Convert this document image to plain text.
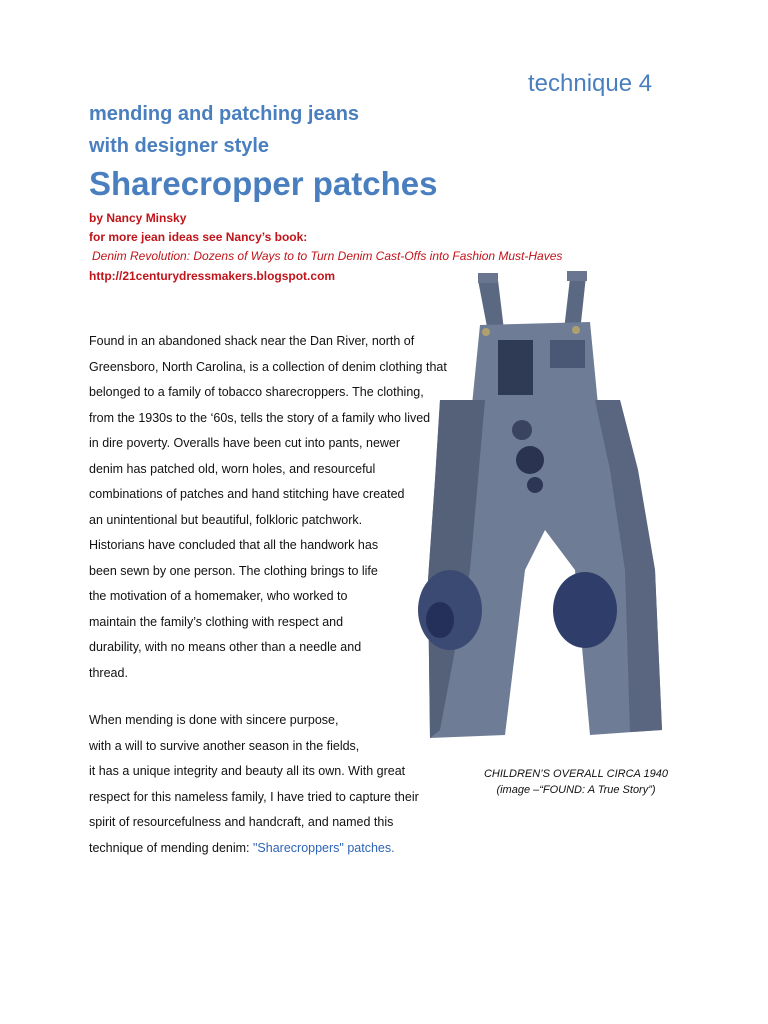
technique 4
mending and patching jeans
with designer style
Sharecropper patches
by Nancy Minsky
for more jean ideas see Nancy’s book:
Denim Revolution: Dozens of Ways to to Turn Denim Cast-Offs into Fashion Must-Haves
http://21centurydressmakers.blogspot.com

Found in an abandoned shack near the Dan River, north of

Greensboro, North Carolina, is a collection of denim clothing that

belonged to a family of tobacco sharecroppers. The clothing,

from the 1930s to the ‘60s, tells the story of a family who lived

in dire poverty. Overalls have been cut into pants, newer

denim has patched old, worn holes, and resourceful

combinations of patches and hand stitching have created

an unintentional but beautiful, folkloric patchwork.

Historians have concluded that all the handwork has

been sewn by one person. The clothing brings to life

the motivation of a homemaker, who worked to

maintain the family’s clothing with respect and

durability, with no means other than a needle and

thread.

When mending is done with sincere purpose,

with a will to survive another season in the fields,

it has a unique integrity and beauty all its own. With great

respect for this nameless family, I have tried to capture their

spirit of resourcefulness and handcraft, and named this

technique of mending denim: "Sharecroppers" patches.

CHILDREN’S OVERALL CIRCA 1940
(image –“FOUND: A True Story”)
